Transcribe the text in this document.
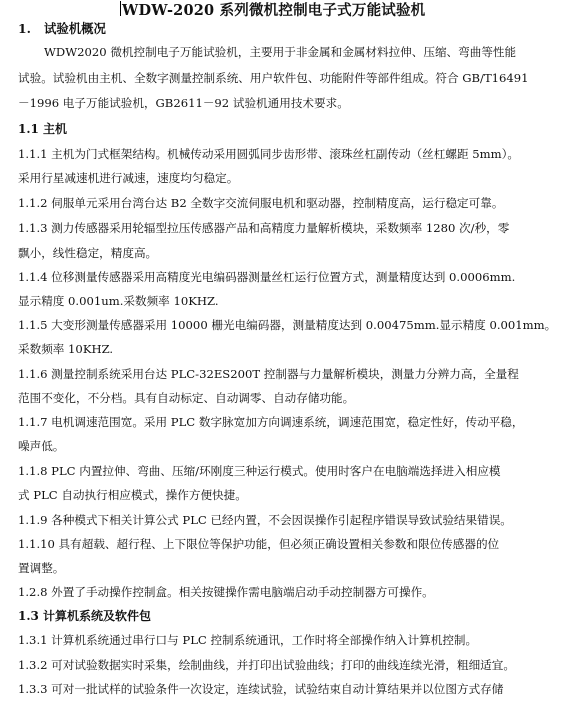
WDW-2020 系列微机控制电子式万能试验机
1. 试验机概况

WDW2020 微机控制电子万能试验机，主要用于非金属和金属材料拉伸、压缩、弯曲等性能

试验。试验机由主机、全数字测量控制系统、用户软件包、功能附件等部件组成。符合 GB/T16491

－1996 电子万能试验机，GB2611－92 试验机通用技术要求。

1.1 主机

1.1.1 主机为门式框架结构。机械传动采用圆弧同步齿形带、滚珠丝杠副传动（丝杠螺距 5mm）。

采用行星减速机进行减速，速度均匀稳定。

1.1.2 伺服单元采用台湾台达 B2 全数字交流伺服电机和驱动器，控制精度高，运行稳定可靠。

1.1.3 测力传感器采用轮辐型拉压传感器产品和高精度力量解析模块，采数频率 1280 次/秒，零

飘小，线性稳定，精度高。

1.1.4 位移测量传感器采用高精度光电编码器测量丝杠运行位置方式，测量精度达到 0.0006mm.

显示精度 0.001um.采数频率 10KHZ.

1.1.5 大变形测量传感器采用 10000 栅光电编码器，测量精度达到 0.00475mm.显示精度 0.001mm。

采数频率 10KHZ.

1.1.6 测量控制系统采用台达 PLC-32ES200T 控制器与力量解析模块，测量力分辨力高，全量程

范围不变化，不分档。具有自动标定、自动调零、自动存储功能。

1.1.7 电机调速范围宽。采用 PLC 数字脉宽加方向调速系统，调速范围宽，稳定性好，传动平稳，

噪声低。

1.1.8 PLC 内置拉伸、弯曲、压缩/环刚度三种运行模式。使用时客户在电脑端选择进入相应模

式 PLC 自动执行相应模式，操作方便快捷。

1.1.9 各种模式下相关计算公式 PLC 已经内置，不会因误操作引起程序错误导致试验结果错误。

1.1.10 具有超载、超行程、上下限位等保护功能，但必须正确设置相关参数和限位传感器的位

置调整。

1.2.8 外置了手动操作控制盒。相关按键操作需电脑端启动手动控制器方可操作。

1.3 计算机系统及软件包

1.3.1 计算机系统通过串行口与 PLC 控制系统通讯，工作时将全部操作纳入计算机控制。

1.3.2 可对试验数据实时采集，绘制曲线，并打印出试验曲线；打印的曲线连续光滑，粗细适宜。

1.3.3 可对一批试样的试验条件一次设定，连续试验，试验结束自动计算结果并以位图方式存储
